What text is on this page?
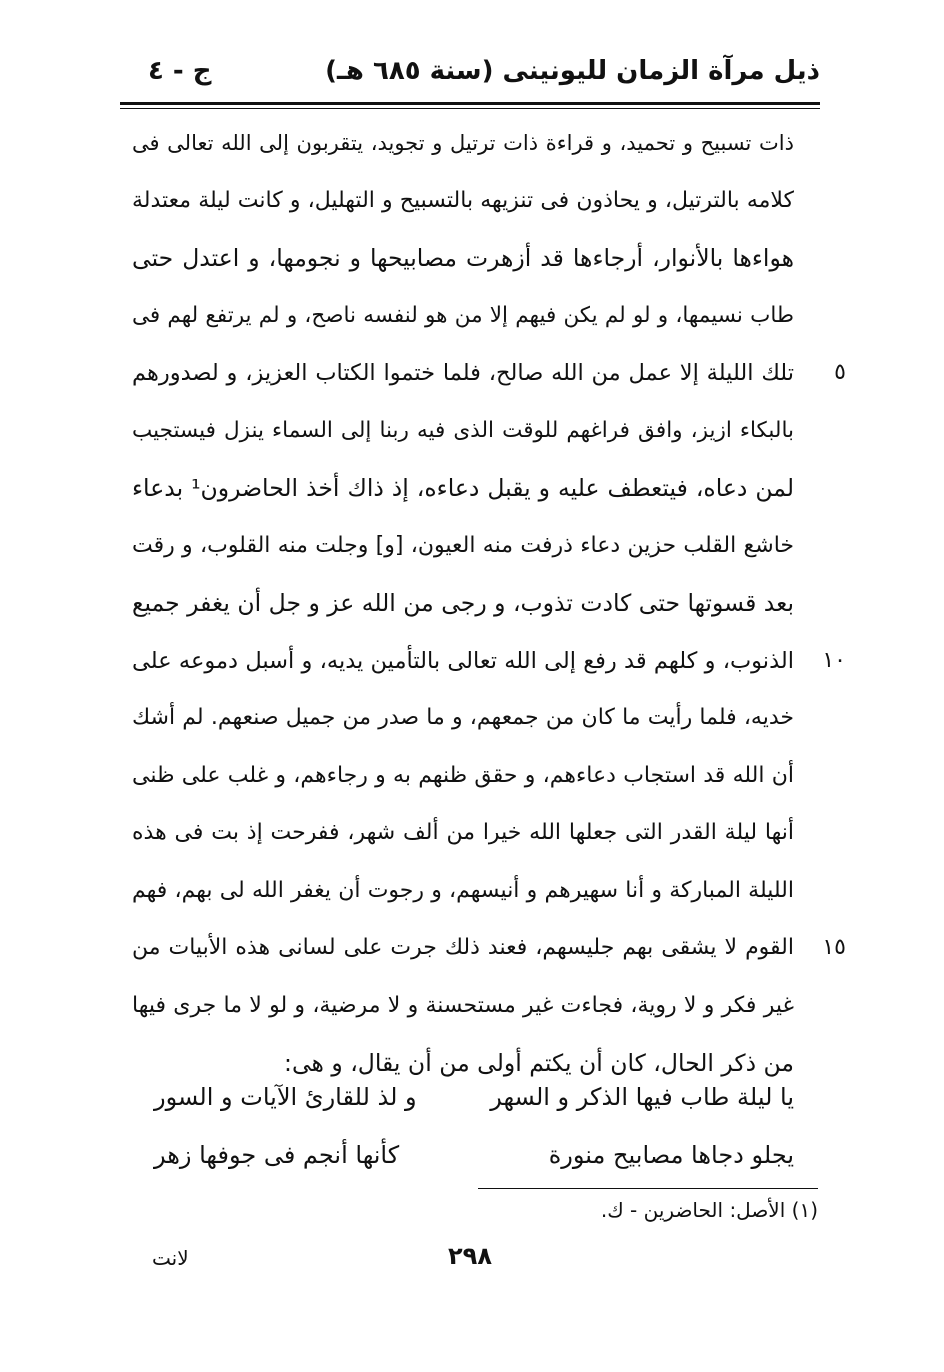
ذيل مرآة الزمان لليونينى (سنة ٦٨٥ هـ)
ج - ٤
ذات تسبيح و تحميد، و قراءة ذات ترتيل و تجويد، يتقربون إلى الله تعالى فى
كلامه بالترتيل، و يحاذون فى تنزيهه بالتسبيح و التهليل، و كانت ليلة معتدلة
هواءها بالأنوار، أرجاءها قد أزهرت مصابيحها و نجومها، و اعتدل حتى
طاب نسيمها، و لو لم يكن فيهم إلا من هو لنفسه ناصح، و لم يرتفع لهم فى
تلك الليلة إلا عمل من الله صالح، فلما ختموا الكتاب العزيز، و لصدورهم ٥
بالبكاء ازيز، وافق فراغهم للوقت الذى فيه ربنا إلى السماء ينزل فيستجيب
لمن دعاه، فيتعطف عليه و يقبل دعاءه، إذ ذاك أخذ الحاضرون¹ بدعاء
خاشع القلب حزين دعاء ذرفت منه العيون، [و] وجلت منه القلوب، و رقت
بعد قسوتها حتى كادت تذوب، و رجى من الله عز و جل أن يغفر جميع
الذنوب، و كلهم قد رفع إلى الله تعالى بالتأمين يديه، و أسبل دموعه على ١٠
خديه، فلما رأيت ما كان من جمعهم، و ما صدر من جميل صنعهم. لم أشك
أن الله قد استجاب دعاءهم، و حقق ظنهم به و رجاءهم، و غلب على ظنى
أنها ليلة القدر التى جعلها الله خيرا من ألف شهر، ففرحت إذ بت فى هذه
الليلة المباركة و أنا سهيرهم و أنيسهم، و رجوت أن يغفر الله لى بهم، فهم
القوم لا يشقى بهم جليسهم، فعند ذلك جرت على لسانى هذه الأبيات من ١٥
غير فكر و لا روية، فجاءت غير مستحسنة و لا مرضية، و لو لا ما جرى فيها
من ذكر الحال، كان أن يكتم أولى من أن يقال، و هى:
يا ليلة طاب فيها الذكر و السهر
و لذ للقارئ الآيات و السور
يجلو دجاها مصابيح منورة
كأنها أنجم فى جوفها زهر
(١) الأصل: الحاضرين - ك.
٢٩٨
لانت
